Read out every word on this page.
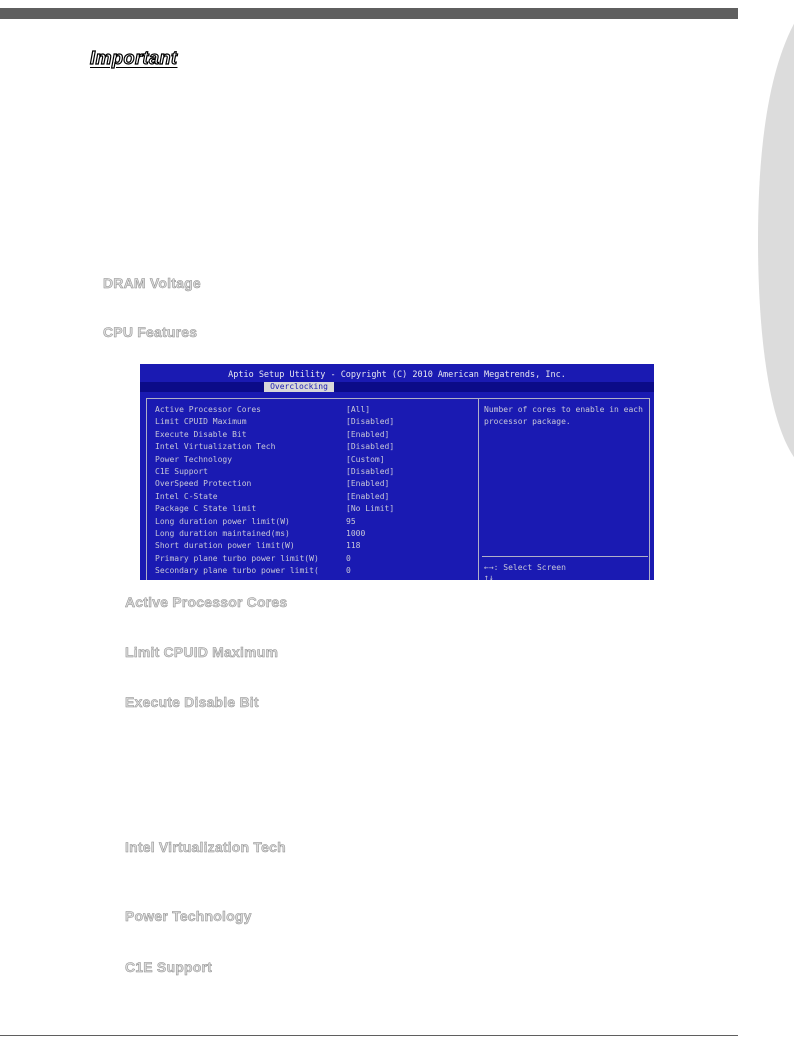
Important
DRAM Voltage
CPU Features
Aptio Setup Utility - Copyright (C) 2010 American Megatrends, Inc.
Overclocking
Active Processor Cores	[All]
Limit CPUID Maximum	[Disabled]
Execute Disable Bit	[Enabled]
Intel Virtualization Tech	[Disabled]
Power Technology	[Custom]
C1E Support	[Disabled]
OverSpeed Protection	[Enabled]
Intel C-State	[Enabled]
Package C State limit	[No Limit]
Long duration power limit(W)	95
Long duration maintained(ms)	1000
Short duration power limit(W)	118
Primary plane turbo power limit(W)	0
Secondary plane turbo power limit(	0
Number of cores to enable in each processor package.
←→: Select Screen
↑↓
Active Processor Cores
Limit CPUID Maximum
Execute Disable Bit
Intel Virtualization Tech
Power Technology
C1E Support
